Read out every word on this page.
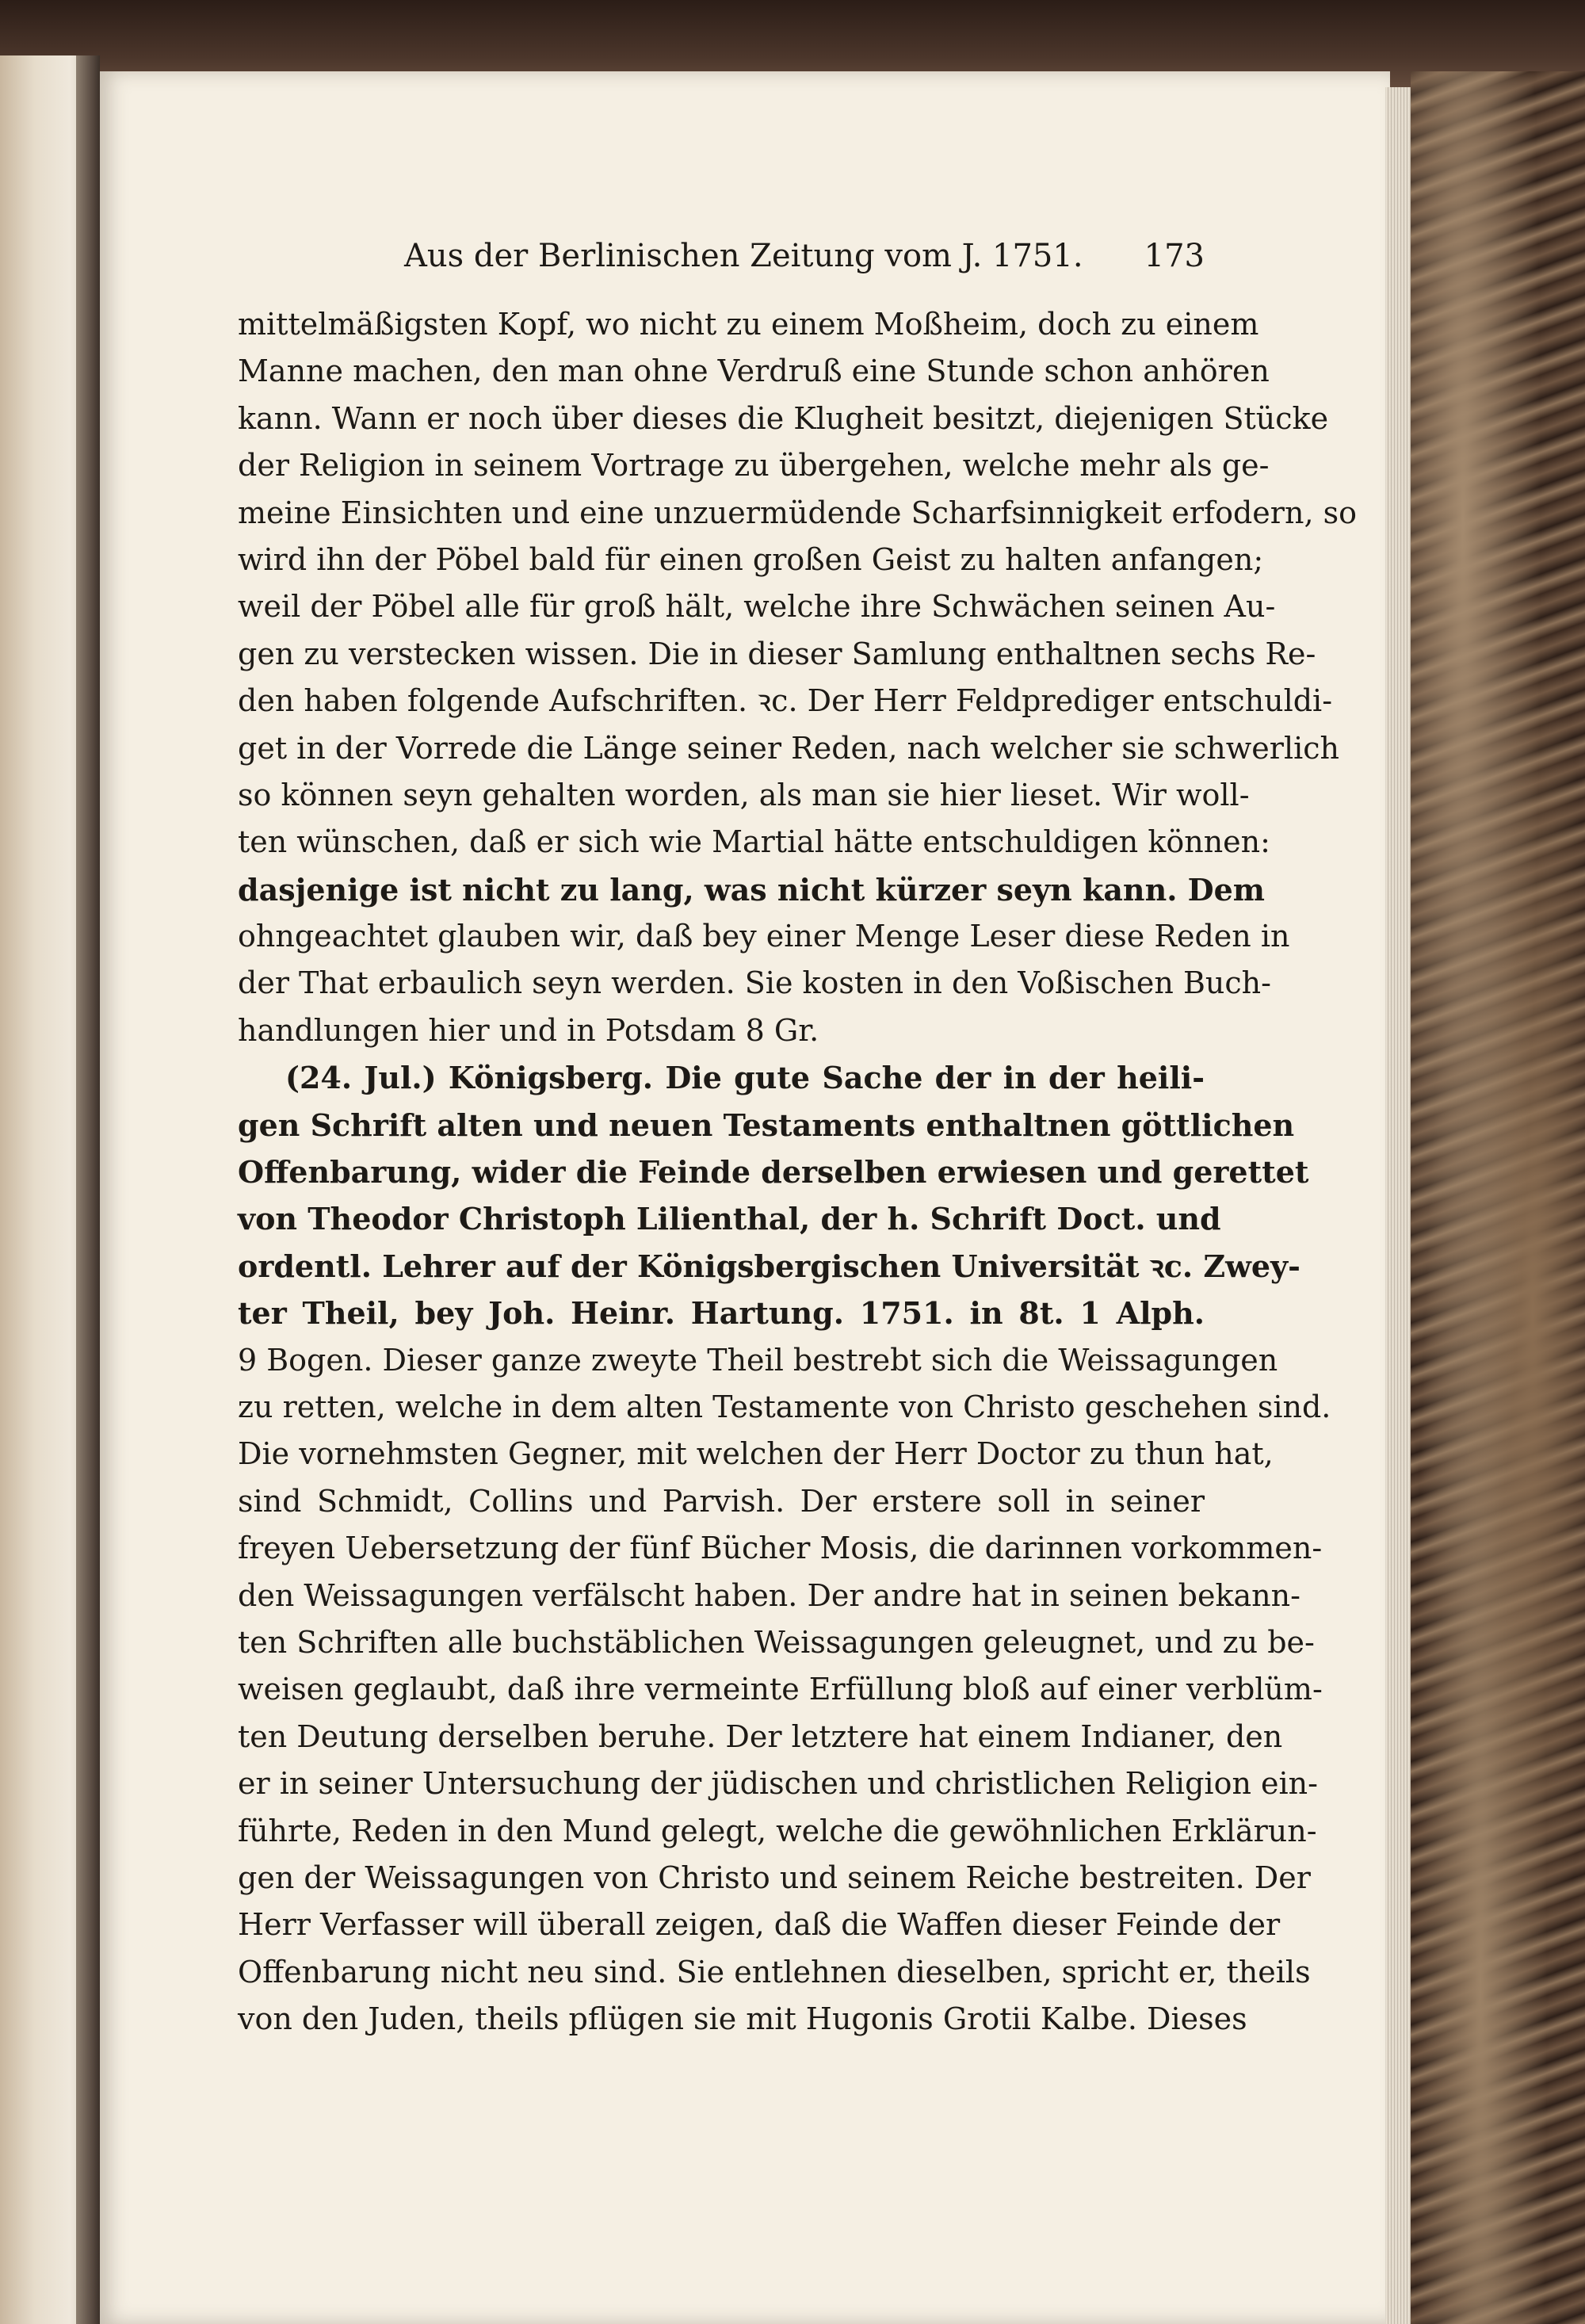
Aus der Berlinischen Zeitung vom J. 1751. 173
mittelmäßigsten Kopf, wo nicht zu einem Moßheim, doch zu einem
Manne machen, den man ohne Verdruß eine Stunde schon anhören
kann. Wann er noch über dieses die Klugheit besitzt, diejenigen Stücke
der Religion in seinem Vortrage zu übergehen, welche mehr als ge-
meine Einsichten und eine unzuermüdende Scharfsinnigkeit erfodern, so
wird ihn der Pöbel bald für einen großen Geist zu halten anfangen;
weil der Pöbel alle für groß hält, welche ihre Schwächen seinen Au-
gen zu verstecken wissen. Die in dieser Samlung enthaltnen sechs Re-
den haben folgende Aufschriften. ꝛc. Der Herr Feldprediger entschuldi-
get in der Vorrede die Länge seiner Reden, nach welcher sie schwerlich
so können seyn gehalten worden, als man sie hier lieset. Wir woll-
ten wünschen, daß er sich wie Martial hätte entschuldigen können:
dasjenige ist nicht zu lang, was nicht kürzer seyn kann. Dem
ohngeachtet glauben wir, daß bey einer Menge Leser diese Reden in
der That erbaulich seyn werden. Sie kosten in den Voßischen Buch-
handlungen hier und in Potsdam 8 Gr.
(24. Jul.) Königsberg. Die gute Sache der in der heili-
gen Schrift alten und neuen Testaments enthaltnen göttlichen
Offenbarung, wider die Feinde derselben erwiesen und gerettet
von Theodor Christoph Lilienthal, der h. Schrift Doct. und
ordentl. Lehrer auf der Königsbergischen Universität ꝛc. Zwey-
ter Theil, bey Joh. Heinr. Hartung. 1751. in 8t. 1 Alph.
9 Bogen. Dieser ganze zweyte Theil bestrebt sich die Weissagungen
zu retten, welche in dem alten Testamente von Christo geschehen sind.
Die vornehmsten Gegner, mit welchen der Herr Doctor zu thun hat,
sind Schmidt, Collins und Parvish. Der erstere soll in seiner
freyen Uebersetzung der fünf Bücher Mosis, die darinnen vorkommen-
den Weissagungen verfälscht haben. Der andre hat in seinen bekann-
ten Schriften alle buchstäblichen Weissagungen geleugnet, und zu be-
weisen geglaubt, daß ihre vermeinte Erfüllung bloß auf einer verblüm-
ten Deutung derselben beruhe. Der letztere hat einem Indianer, den
er in seiner Untersuchung der jüdischen und christlichen Religion ein-
führte, Reden in den Mund gelegt, welche die gewöhnlichen Erklärun-
gen der Weissagungen von Christo und seinem Reiche bestreiten. Der
Herr Verfasser will überall zeigen, daß die Waffen dieser Feinde der
Offenbarung nicht neu sind. Sie entlehnen dieselben, spricht er, theils
von den Juden, theils pflügen sie mit Hugonis Grotii Kalbe. Dieses
